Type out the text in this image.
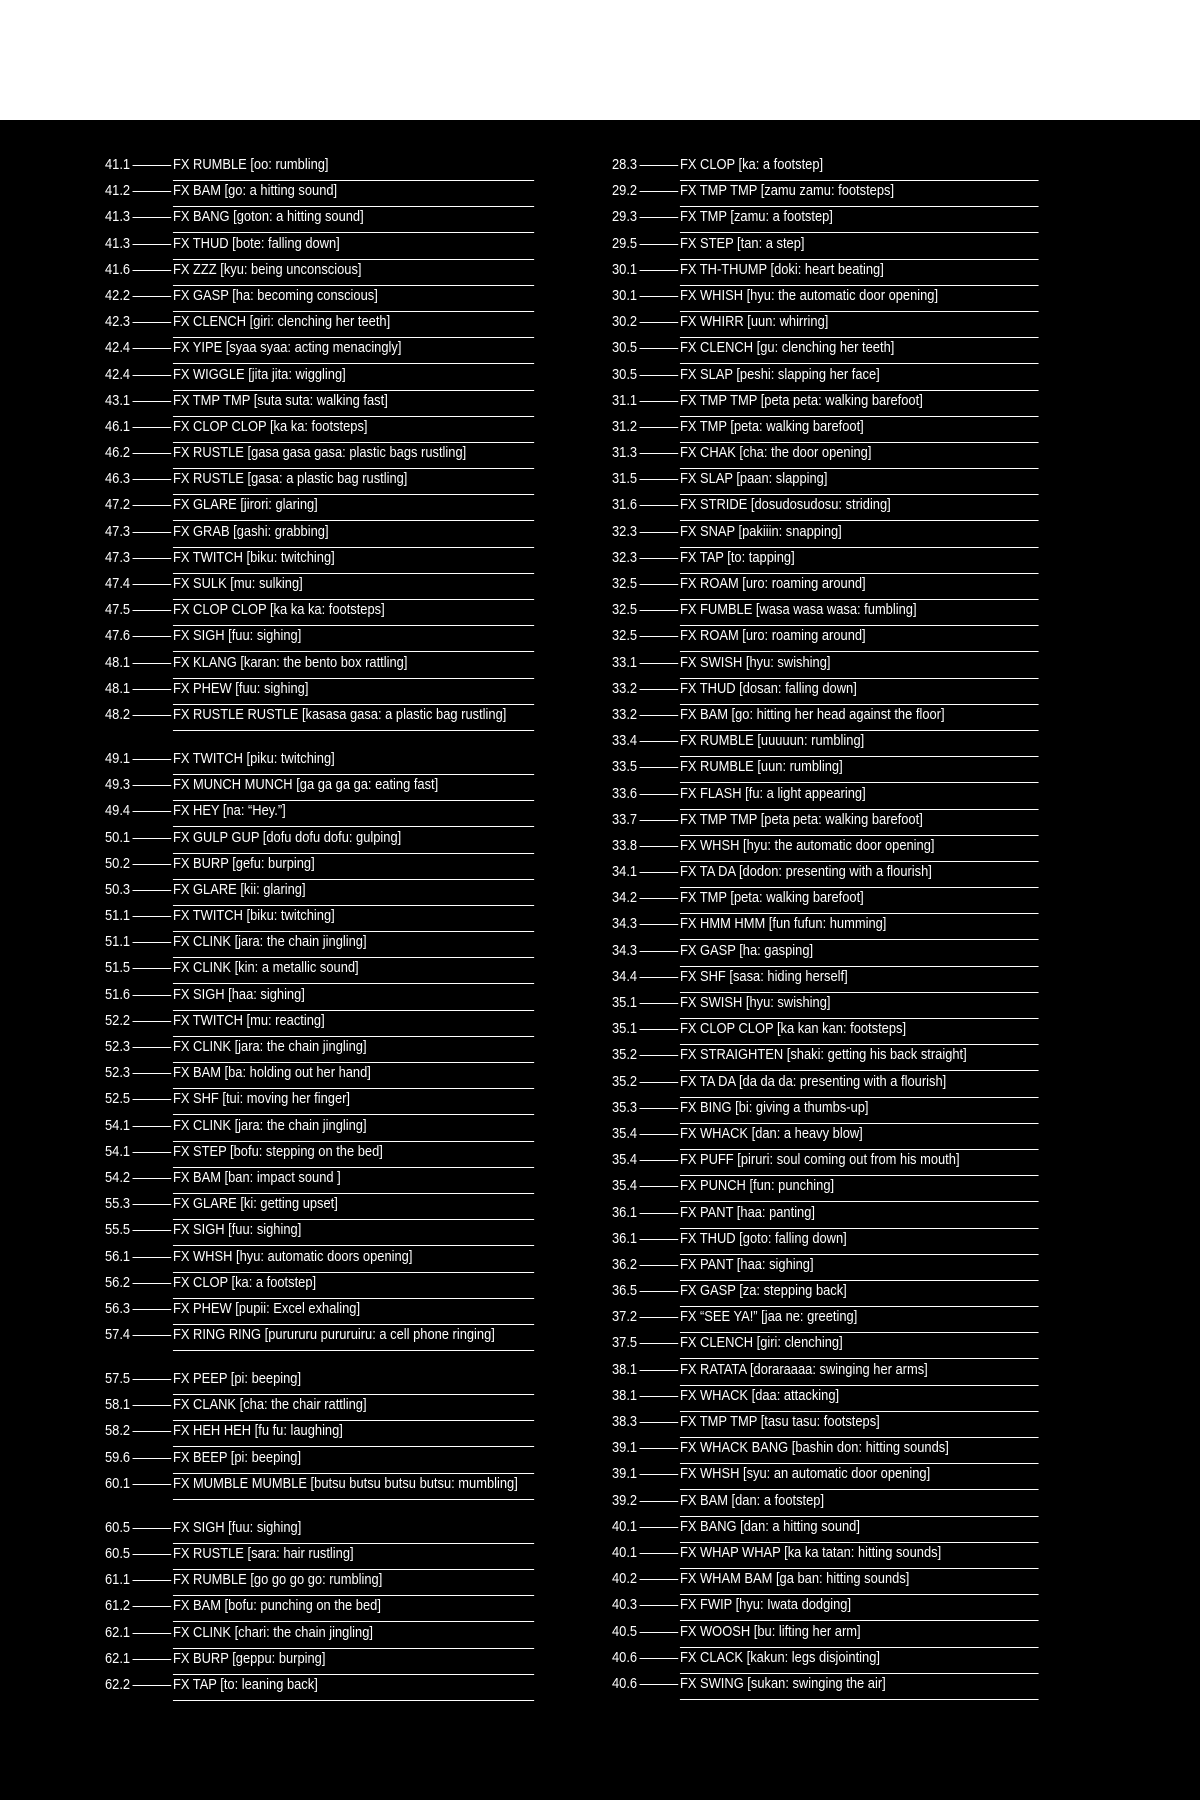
41.1	FX RUMBLE [oo: rumbling]
41.2	FX BAM [go: a hitting sound]
41.3	FX BANG [goton: a hitting sound]
41.3	FX THUD [bote: falling down]
41.6	FX ZZZ [kyu: being unconscious]
42.2	FX GASP [ha: becoming conscious]
42.3	FX CLENCH [giri: clenching her teeth]
42.4	FX YIPE [syaa syaa: acting menacingly]
42.4	FX WIGGLE [jita jita: wiggling]
43.1	FX TMP TMP [suta suta: walking fast]
46.1	FX CLOP CLOP [ka ka: footsteps]
46.2	FX RUSTLE [gasa gasa gasa: plastic bags rustling]
46.3	FX RUSTLE [gasa: a plastic bag rustling]
47.2	FX GLARE [jirori: glaring]
47.3	FX GRAB [gashi: grabbing]
47.3	FX TWITCH [biku: twitching]
47.4	FX SULK [mu: sulking]
47.5	FX CLOP CLOP [ka ka ka: footsteps]
47.6	FX SIGH [fuu: sighing]
48.1	FX KLANG [karan: the bento box rattling]
48.1	FX PHEW [fuu: sighing]
48.2	FX RUSTLE RUSTLE [kasasa gasa: a plastic bag rustling]
49.1	FX TWITCH [piku: twitching]
49.3	FX MUNCH MUNCH [ga ga ga ga: eating fast]
49.4	FX HEY [na: “Hey.”]
50.1	FX GULP GUP [dofu dofu dofu: gulping]
50.2	FX BURP [gefu: burping]
50.3	FX GLARE [kii: glaring]
51.1	FX TWITCH [biku: twitching]
51.1	FX CLINK [jara: the chain jingling]
51.5	FX CLINK [kin: a metallic sound]
51.6	FX SIGH [haa: sighing]
52.2	FX TWITCH [mu: reacting]
52.3	FX CLINK [jara: the chain jingling]
52.3	FX BAM [ba: holding out her hand]
52.5	FX SHF [tui: moving her finger]
54.1	FX CLINK [jara: the chain jingling]
54.1	FX STEP [bofu: stepping on the bed]
54.2	FX BAM [ban: impact sound ]
55.3	FX GLARE [ki: getting upset]
55.5	FX SIGH [fuu: sighing]
56.1	FX WHSH [hyu: automatic doors opening]
56.2	FX CLOP [ka: a footstep]
56.3	FX PHEW [pupii: Excel exhaling]
57.4	FX RING RING [purururu pururuiru: a cell phone ringing]
57.5	FX PEEP [pi: beeping]
58.1	FX CLANK [cha: the chair rattling]
58.2	FX HEH HEH [fu fu: laughing]
59.6	FX BEEP [pi: beeping]
60.1	FX MUMBLE MUMBLE [butsu butsu butsu butsu: mumbling]
60.5	FX SIGH [fuu: sighing]
60.5	FX RUSTLE [sara: hair rustling]
61.1	FX RUMBLE [go go go go: rumbling]
61.2	FX BAM [bofu: punching on the bed]
62.1	FX CLINK [chari: the chain jingling]
62.1	FX BURP [geppu: burping]
62.2	FX TAP [to: leaning back]
28.3	FX CLOP [ka: a footstep]
29.2	FX TMP TMP [zamu zamu: footsteps]
29.3	FX TMP [zamu: a footstep]
29.5	FX STEP [tan: a step]
30.1	FX TH-THUMP [doki: heart beating]
30.1	FX WHISH [hyu: the automatic door opening]
30.2	FX WHIRR [uun: whirring]
30.5	FX CLENCH [gu: clenching her teeth]
30.5	FX SLAP [peshi: slapping her face]
31.1	FX TMP TMP [peta peta: walking barefoot]
31.2	FX TMP [peta: walking barefoot]
31.3	FX CHAK [cha: the door opening]
31.5	FX SLAP [paan: slapping]
31.6	FX STRIDE [dosudosudosu: striding]
32.3	FX SNAP [pakiiin: snapping]
32.3	FX TAP [to: tapping]
32.5	FX ROAM [uro: roaming around]
32.5	FX FUMBLE [wasa wasa wasa: fumbling]
32.5	FX ROAM [uro: roaming around]
33.1	FX SWISH [hyu: swishing]
33.2	FX THUD [dosan: falling down]
33.2	FX BAM [go: hitting her head against the floor]
33.4	FX RUMBLE [uuuuun: rumbling]
33.5	FX RUMBLE [uun: rumbling]
33.6	FX FLASH [fu: a light appearing]
33.7	FX TMP TMP [peta peta: walking barefoot]
33.8	FX WHSH [hyu: the automatic door opening]
34.1	FX TA DA [dodon: presenting with a flourish]
34.2	FX TMP [peta: walking barefoot]
34.3	FX HMM HMM [fun fufun: humming]
34.3	FX GASP [ha: gasping]
34.4	FX SHF [sasa: hiding herself]
35.1	FX SWISH [hyu: swishing]
35.1	FX CLOP CLOP [ka kan kan: footsteps]
35.2	FX STRAIGHTEN [shaki: getting his back straight]
35.2	FX TA DA [da da da: presenting with a flourish]
35.3	FX BING [bi: giving a thumbs-up]
35.4	FX WHACK [dan: a heavy blow]
35.4	FX PUFF [piruri: soul coming out from his mouth]
35.4	FX PUNCH [fun: punching]
36.1	FX PANT [haa: panting]
36.1	FX THUD [goto: falling down]
36.2	FX PANT [haa: sighing]
36.5	FX GASP [za: stepping back]
37.2	FX “SEE YA!” [jaa ne: greeting]
37.5	FX CLENCH [giri: clenching]
38.1	FX RATATA [doraraaaa: swinging her arms]
38.1	FX WHACK [daa: attacking]
38.3	FX TMP TMP [tasu tasu: footsteps]
39.1	FX WHACK BANG [bashin don: hitting sounds]
39.1	FX WHSH [syu: an automatic door opening]
39.2	FX BAM [dan: a footstep]
40.1	FX BANG [dan: a hitting sound]
40.1	FX WHAP WHAP [ka ka tatan: hitting sounds]
40.2	FX WHAM BAM [ga ban: hitting sounds]
40.3	FX FWIP [hyu: Iwata dodging]
40.5	FX WOOSH [bu: lifting her arm]
40.6	FX CLACK [kakun: legs disjointing]
40.6	FX SWING [sukan: swinging the air]
